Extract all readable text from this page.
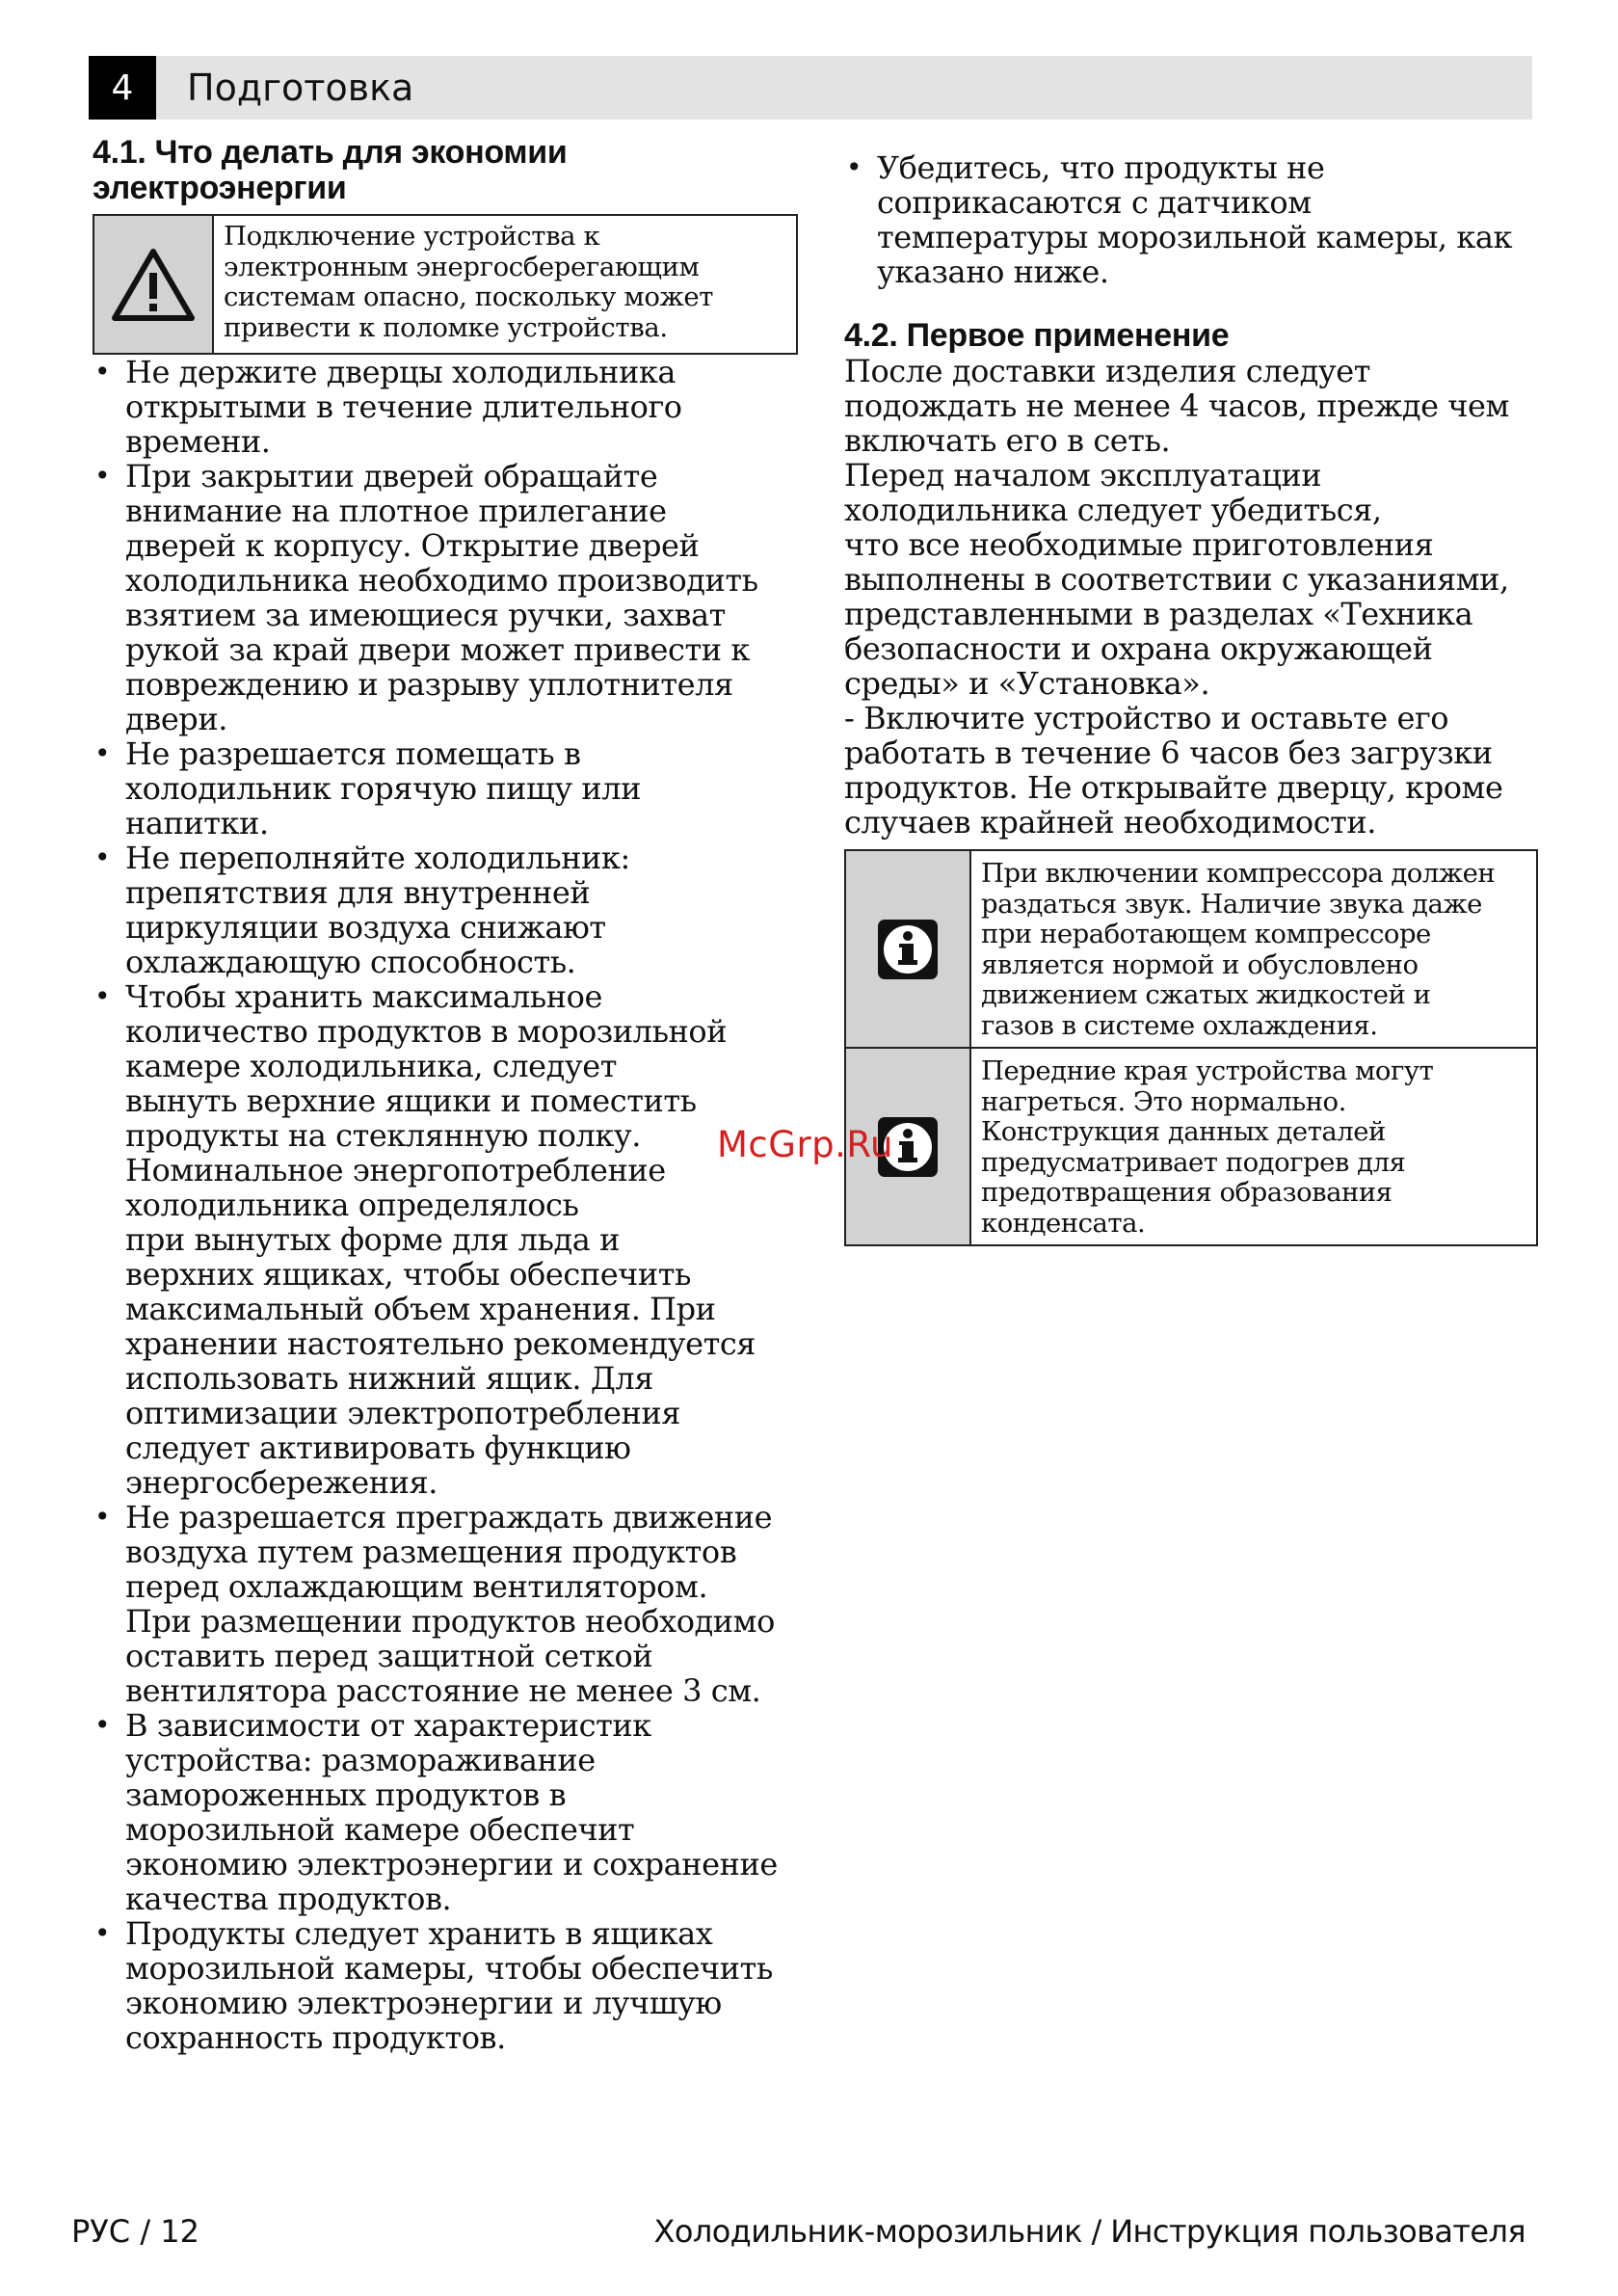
4	Подготовка
4.1. Что делать для экономии
электроэнергии
Подключение устройства к
электронным энергосберегающим
системам опасно, поскольку может
привести к поломке устройства.
• Не держите дверцы холодильника
открытыми в течение длительного
времени.
• При закрытии дверей обращайте
внимание на плотное прилегание
дверей к корпусу. Открытие дверей
холодильника необходимо производить
взятием за имеющиеся ручки, захват
рукой за край двери может привести к
повреждению и разрыву уплотнителя
двери.
• Не разрешается помещать в
холодильник горячую пищу или
напитки.
• Не переполняйте холодильник:
препятствия для внутренней
циркуляции воздуха снижают
охлаждающую способность.
• Чтобы хранить максимальное
количество продуктов в морозильной
камере холодильника, следует
вынуть верхние ящики и поместить
продукты на стеклянную полку.
Номинальное энергопотребление
холодильника определялось
при вынутых форме для льда и
верхних ящиках, чтобы обеспечить
максимальный объем хранения. При
хранении настоятельно рекомендуется
использовать нижний ящик. Для
оптимизации электропотребления
следует активировать функцию
энергосбережения.
• Не разрешается преграждать движение
воздуха путем размещения продуктов
перед охлаждающим вентилятором.
При размещении продуктов необходимо
оставить перед защитной сеткой
вентилятора расстояние не менее 3 см.
• В зависимости от характеристик
устройства: размораживание
замороженных продуктов в
морозильной камере обеспечит
экономию электроэнергии и сохранение
качества продуктов.
• Продукты следует хранить в ящиках
морозильной камеры, чтобы обеспечить
экономию электроэнергии и лучшую
сохранность продуктов.
• Убедитесь, что продукты не
соприкасаются с датчиком
температуры морозильной камеры, как
указано ниже.
4.2. Первое применение

После доставки изделия следует
подождать не менее 4 часов, прежде чем
включать его в сеть.
Перед началом эксплуатации
холодильника следует убедиться,
что все необходимые приготовления
выполнены в соответствии с указаниями,
представленными в разделах «Техника
безопасности и охрана окружающей
среды» и «Установка».
- Включите устройство и оставьте его
работать в течение 6 часов без загрузки
продуктов. Не открывайте дверцу, кроме
случаев крайней необходимости.

При включении компрессора должен
раздаться звук. Наличие звука даже
при неработающем компрессоре
является нормой и обусловлено
движением сжатых жидкостей и
газов в системе охлаждения.
Передние края устройства могут
нагреться. Это нормально.
Конструкция данных деталей
предусматривает подогрев для
предотвращения образования
конденсата.
McGrp.Ru
РУС / 12	Холодильник-морозильник / Инструкция пользователя
